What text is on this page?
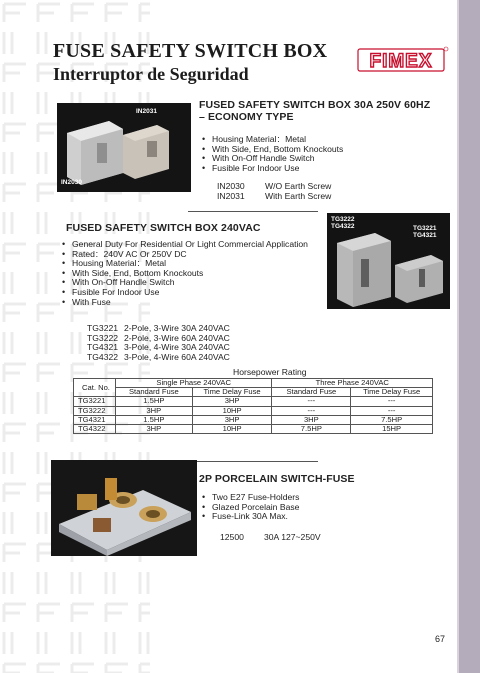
FUSE SAFETY SWITCH BOX
Interruptor de Seguridad
FIMEX
IN2031
IN2030
FUSED SAFETY SWITCH BOX 30A 250V 60HZ
– ECONOMY TYPE
• Housing Material：Metal
• With Side, End, Bottom Knockouts
• With On-Off Handle Switch
• Fusible For Indoor Use
IN2030	W/O Earth Screw
IN2031	With Earth Screw
FUSED SAFETY SWITCH BOX 240VAC
TG3222
TG4322	TG3221
TG4321
• General Duty For Residential Or Light Commercial Application
• Rated：240V AC Or 250V DC
• Housing Material：Metal
• With Side, End, Bottom Knockouts
• With On-Off Handle Switch
• Fusible For Indoor Use
• With Fuse
TG3221	2-Pole, 3-Wire 30A 240VAC
TG3222	2-Pole, 3-Wire 60A 240VAC
TG4321	3-Pole, 4-Wire 30A 240VAC
TG4322	3-Pole, 4-Wire 60A 240VAC
Horsepower Rating
Cat. No.	Single Phase 240VAC		Three Phase 240VAC	
	Standard Fuse	Time Delay Fuse	Standard Fuse	Time Delay Fuse
TG3221	1.5HP	3HP	---	---
TG3222	3HP	10HP	---	---
TG4321	1.5HP	3HP	3HP	7.5HP
TG4322	3HP	10HP	7.5HP	15HP
2P PORCELAIN SWITCH-FUSE
• Two E27 Fuse-Holders
• Glazed Porcelain Base
• Fuse-Link 30A Max.
12500	30A 127~250V
67
